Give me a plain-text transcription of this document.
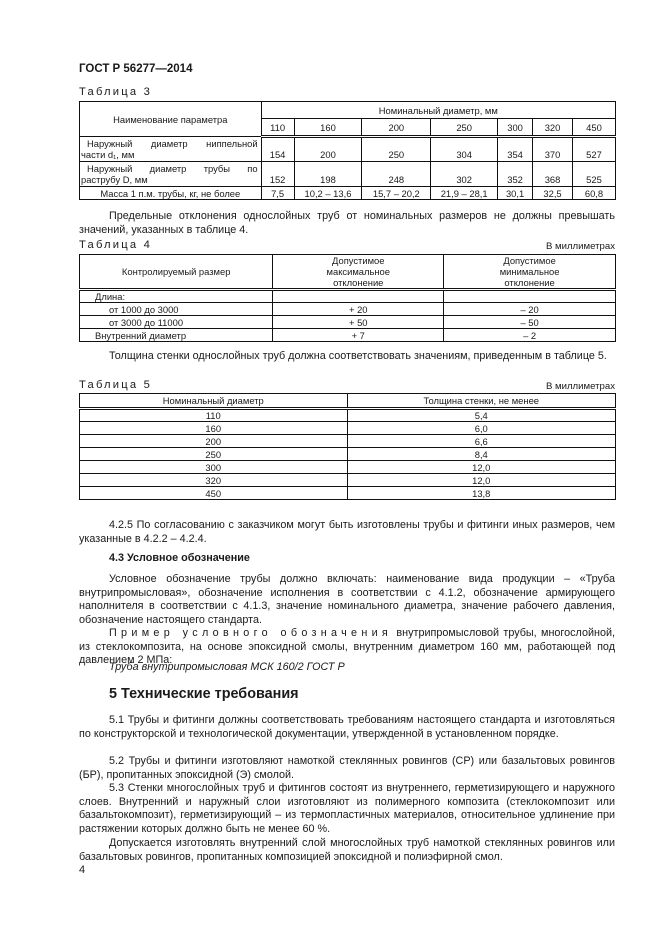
ГОСТ Р 56277—2014
Таблица 3
Наименование параметра	Номинальный диаметр, мм						
	110	160	200	250	300	320	450

Наружный диаметр ниппельной
части d₁, мм	154	200	250	304	354	370	527

Наружный диаметр трубы по
раструбу D, мм	152	198	248	302	352	368	525
Масса 1 п.м. трубы, кг, не более	7,5	10,2 – 13,6	15,7 – 20,2	21,9 – 28,1	30,1	32,5	60,8
Предельные отклонения однослойных труб от номинальных размеров не должны превышать значений, указанных в таблице 4.
Таблица 4	В миллиметрах
Контролируемый размер	Допустимое максимальное отклонение	Допустимое минимальное отклонение
Длина:		
от 1000 до 3000	+ 20	– 20
от 3000 до 11000	+ 50	– 50
Внутренний диаметр	+ 7	– 2
Толщина стенки однослойных труб должна соответствовать значениям, приведенным в таблице 5.
Таблица 5	В миллиметрах
Номинальный диаметр	Толщина стенки, не менее
110	5,4
160	6,0
200	6,6
250	8,4
300	12,0
320	12,0
450	13,8
4.2.5 По согласованию с заказчиком могут быть изготовлены трубы и фитинги иных размеров, чем указанные в 4.2.2 – 4.2.4.
4.3 Условное обозначение
Условное обозначение трубы должно включать: наименование вида продукции – «Труба внутрипромысловая», обозначение исполнения в соответствии с 4.1.2, обозначение армирующего наполнителя в соответствии с 4.1.3, значение номинального диаметра, значение рабочего давления, обозначение настоящего стандарта.
Пример условного обозначения внутрипромысловой трубы, многослойной, из стеклокомпозита, на основе эпоксидной смолы, внутренним диаметром 160 мм, работающей под давлением 2 МПа:
Труба внутрипромысловая МСК 160/2 ГОСТ Р
5 Технические требования
5.1 Трубы и фитинги должны соответствовать требованиям настоящего стандарта и изготовляться по конструкторской и технологической документации, утвержденной в установленном порядке.
5.2 Трубы и фитинги изготовляют намоткой стеклянных ровингов (СР) или базальтовых ровингов (БР), пропитанных эпоксидной (Э) смолой.
5.3 Стенки многослойных труб и фитингов состоят из внутреннего, герметизирующего и наружного слоев. Внутренний и наружный слои изготовляют из полимерного композита (стеклокомпозит или базальтокомпозит), герметизирующий – из термопластичных материалов, относительное удлинение при растяжении которых должно быть не менее 60 %.
Допускается изготовлять внутренний слой многослойных труб намоткой стеклянных ровингов или базальтовых ровингов, пропитанных композицией эпоксидной и полиэфирной смол.
4
